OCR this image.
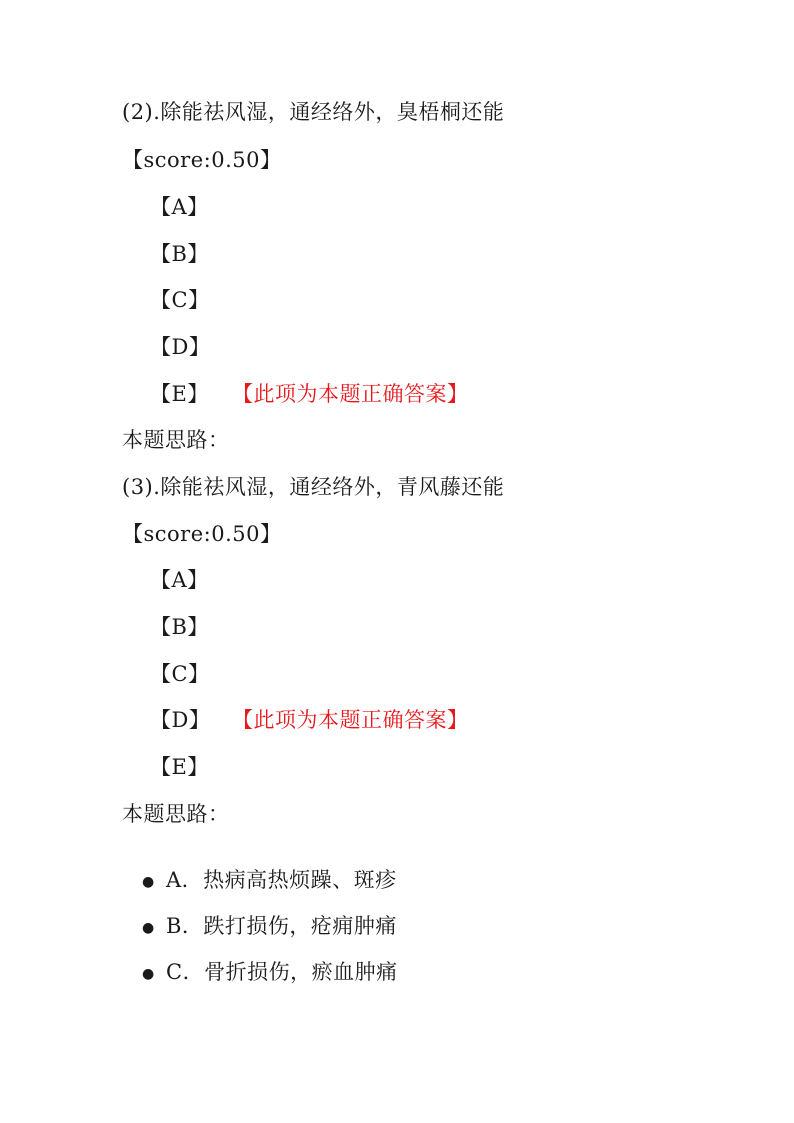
(2).除能祛风湿，通经络外，臭梧桐还能
【score:0.50】
【A】
【B】
【C】
【D】
【E】 【此项为本题正确答案】
本题思路：
(3).除能祛风湿，通经络外，青风藤还能
【score:0.50】
【A】
【B】
【C】
【D】 【此项为本题正确答案】
【E】
本题思路：
● A．热病高热烦躁、斑疹
● B．跌打损伤，疮痈肿痛
● C．骨折损伤，瘀血肿痛
